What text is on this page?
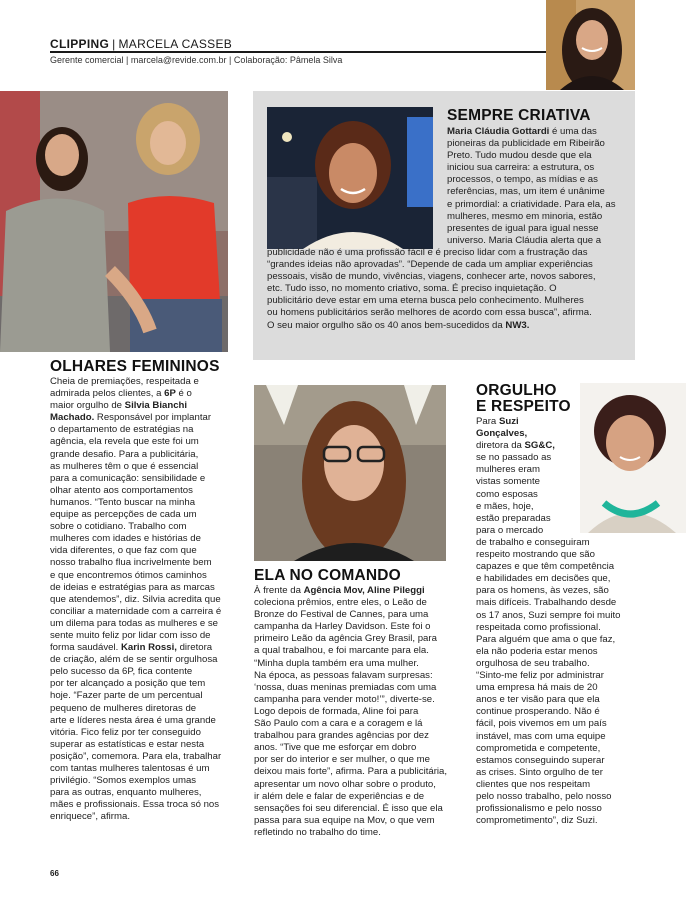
CLIPPING | MARCELA CASSEB
Gerente comercial | marcela@revide.com.br | Colaboração: Pâmela Silva
SEMPRE CRIATIVA
Maria Cláudia Gottardi é uma das
pioneiras da publicidade em Ribeirão
Preto. Tudo mudou desde que ela
iniciou sua carreira: a estrutura, os
processos, o tempo, as mídias e as
referências, mas, um item é unânime
e primordial: a criatividade. Para ela, as
mulheres, mesmo em minoria, estão
presentes de igual para igual nesse
universo. Maria Cláudia alerta que a
publicidade não é uma profissão fácil e é preciso lidar com a frustração das
“grandes ideias não aprovadas”. “Depende de cada um ampliar experiências
pessoais, visão de mundo, vivências, viagens, conhecer arte, novos sabores,
etc. Tudo isso, no momento criativo, soma. É preciso inquietação. O
publicitário deve estar em uma eterna busca pelo conhecimento. Mulheres
ou homens publicitários serão melhores de acordo com essa busca”, afirma.
O seu maior orgulho são os 40 anos bem-sucedidos da NW3.
OLHARES FEMININOS
Cheia de premiações, respeitada e
admirada pelos clientes, a 6P é o
maior orgulho de Silvia Bianchi
Machado. Responsável por implantar
o departamento de estratégias na
agência, ela revela que este foi um
grande desafio. Para a publicitária,
as mulheres têm o que é essencial
para a comunicação: sensibilidade e
olhar atento aos comportamentos
humanos. “Tento buscar na minha
equipe as percepções de cada um
sobre o cotidiano. Trabalho com
mulheres com idades e histórias de
vida diferentes, o que faz com que
nosso trabalho flua incrivelmente bem
e que encontremos ótimos caminhos
de ideias e estratégias para as marcas
que atendemos”, diz. Silvia acredita que
conciliar a maternidade com a carreira é
um dilema para todas as mulheres e se
sente muito feliz por lidar com isso de
forma saudável. Karin Rossi, diretora
de criação, além de se sentir orgulhosa
pelo sucesso da 6P, fica contente
por ter alcançado a posição que tem
hoje. “Fazer parte de um percentual
pequeno de mulheres diretoras de
arte e líderes nesta área é uma grande
vitória. Fico feliz por ter conseguido
superar as estatísticas e estar nesta
posição”, comemora. Para ela, trabalhar
com tantas mulheres talentosas é um
privilégio. “Somos exemplos umas
para as outras, enquanto mulheres,
mães e profissionais. Essa troca só nos
enriquece”, afirma.
ELA NO COMANDO
À frente da Agência Mov, Aline Pileggi
coleciona prêmios, entre eles, o Leão de
Bronze do Festival de Cannes, para uma
campanha da Harley Davidson. Este foi o
primeiro Leão da agência Grey Brasil, para
a qual trabalhou, e foi marcante para ela.
“Minha dupla também era uma mulher.
Na época, as pessoas falavam surpresas:
‘nossa, duas meninas premiadas com uma
campanha para vender moto!’”, diverte-se.
Logo depois de formada, Aline foi para
São Paulo com a cara e a coragem e lá
trabalhou para grandes agências por dez
anos. “Tive que me esforçar em dobro
por ser do interior e ser mulher, o que me
deixou mais forte”, afirma. Para a publicitária,
apresentar um novo olhar sobre o produto,
ir além dele e falar de experiências e de
sensações foi seu diferencial. É isso que ela
passa para sua equipe na Mov, o que vem
refletindo no trabalho do time.
ORGULHO
E RESPEITO
Para Suzi
Gonçalves,
diretora da SG&C,
se no passado as
mulheres eram
vistas somente
como esposas
e mães, hoje,
estão preparadas
para o mercado
de trabalho e conseguiram
respeito mostrando que são
capazes e que têm competência
e habilidades em decisões que,
para os homens, às vezes, são
mais difíceis. Trabalhando desde
os 17 anos, Suzi sempre foi muito
respeitada como profissional.
Para alguém que ama o que faz,
ela não poderia estar menos
orgulhosa de seu trabalho.
“Sinto-me feliz por administrar
uma empresa há mais de 20
anos e ter visão para que ela
continue prosperando. Não é
fácil, pois vivemos em um país
instável, mas com uma equipe
comprometida e competente,
estamos conseguindo superar
as crises. Sinto orgulho de ter
clientes que nos respeitam
pelo nosso trabalho, pelo nosso
profissionalismo e pelo nosso
comprometimento”, diz Suzi.
66
